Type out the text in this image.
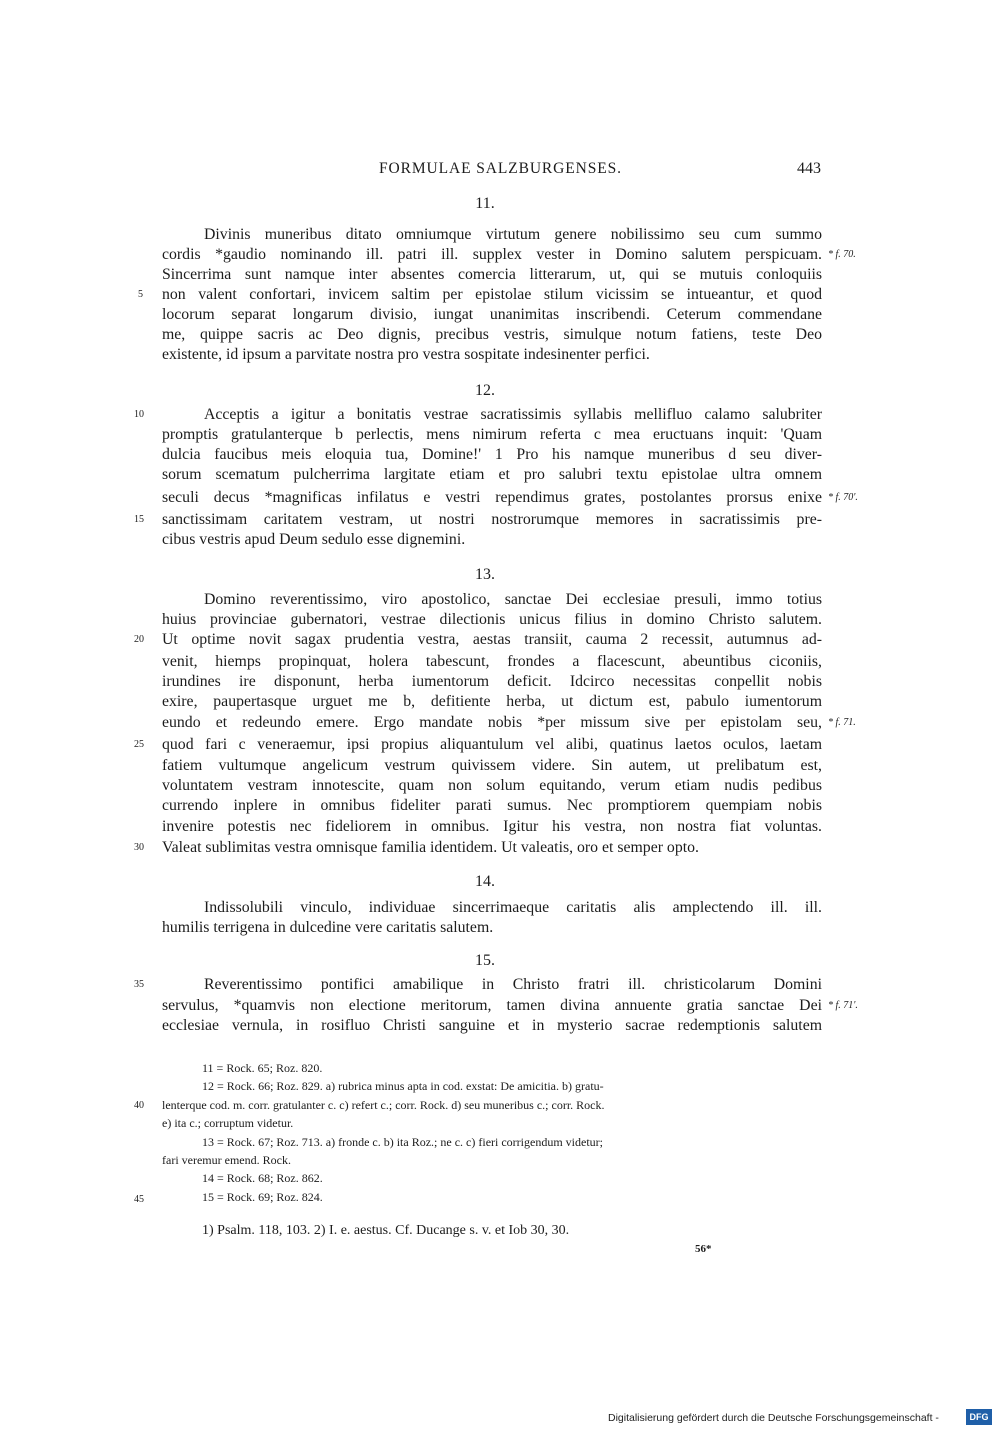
FORMULAE SALZBURGENSES.	443
11.
Divinis muneribus ditato omniumque virtutum genere nobilissimo seu cum summo
cordis *gaudio nominando ill. patri ill. supplex vester in Domino salutem perspicuam.
Sincerrima sunt namque inter absentes comercia litterarum, ut, qui se mutuis conloquiis
non valent confortari, invicem saltim per epistolae stilum vicissim se intueantur, et quod
locorum separat longarum divisio, iungat unanimitas inscribendi. Ceterum commendane
me, quippe sacris ac Deo dignis, precibus vestris, simulque notum fatiens, teste Deo
existente, id ipsum a parvitate nostra pro vestra sospitate indesinenter perfici.
12.
Acceptis a igitur a bonitatis vestrae sacratissimis syllabis mellifluo calamo salubriter
promptis gratulanterque b perlectis, mens nimirum referta c mea eructuans inquit: 'Quam
dulcia faucibus meis eloquia tua, Domine!' 1 Pro his namque muneribus d seu diver-
sorum scematum pulcherrima largitate etiam et pro salubri textu epistolae ultra omnem
seculi decus *magnificas infilatus e vestri rependimus grates, postolantes prorsus enixe
sanctissimam caritatem vestram, ut nostri nostrorumque memores in sacratissimis pre-
cibus vestris apud Deum sedulo esse dignemini.
13.
Domino reverentissimo, viro apostolico, sanctae Dei ecclesiae presuli, immo totius
huius provinciae gubernatori, vestrae dilectionis unicus filius in domino Christo salutem.
Ut optime novit sagax prudentia vestra, aestas transiit, cauma 2 recessit, autumnus ad-
venit, hiemps propinquat, holera tabescunt, frondes a flacescunt, abeuntibus ciconiis,
irundines ire disponunt, herba iumentorum deficit. Idcirco necessitas conpellit nobis
exire, paupertasque urguet me b, defitiente herba, ut dictum est, pabulo iumentorum
eundo et redeundo emere. Ergo mandate nobis *per missum sive per epistolam seu,
quod fari c veneraemur, ipsi propius aliquantulum vel alibi, quatinus laetos oculos, laetam
fatiem vultumque angelicum vestrum quivissem videre. Sin autem, ut prelibatum est,
voluntatem vestram innotescite, quam non solum equitando, verum etiam nudis pedibus
currendo inplere in omnibus fideliter parati sumus. Nec promptiorem quempiam nobis
invenire potestis nec fideliorem in omnibus. Igitur his vestra, non nostra fiat voluntas.
Valeat sublimitas vestra omnisque familia identidem. Ut valeatis, oro et semper opto.
14.
Indissolubili vinculo, individuae sincerrimaeque caritatis alis amplectendo ill. ill.
humilis terrigena in dulcedine vere caritatis salutem.
15.
Reverentissimo pontifici amabilique in Christo fratri ill. christicolarum Domini
servulus, *quamvis non electione meritorum, tamen divina annuente gratia sanctae Dei
ecclesiae vernula, in rosifluo Christi sanguine et in mysterio sacrae redemptionis salutem
5
10
15
20
25
30
35
40
45
* f. 70.
* f. 70'.
* f. 71.
* f. 71'.
11 = Rock. 65; Roz. 820.
12 = Rock. 66; Roz. 829. a) rubrica minus apta in cod. exstat: De amicitia. b) gratu-
lenterque cod. m. corr. gratulanter c. c) refert c.; corr. Rock. d) seu muneribus c.; corr. Rock.
e) ita c.; corruptum videtur.
13 = Rock. 67; Roz. 713. a) fronde c. b) ita Roz.; ne c. c) fieri corrigendum videtur;
fari veremur emend. Rock.
14 = Rock. 68; Roz. 862.
15 = Rock. 69; Roz. 824.
1) Psalm. 118, 103. 2) I. e. aestus. Cf. Ducange s. v. et Iob 30, 30.
56*
Digitalisierung gefördert durch die Deutsche Forschungsgemeinschaft -	DFG
